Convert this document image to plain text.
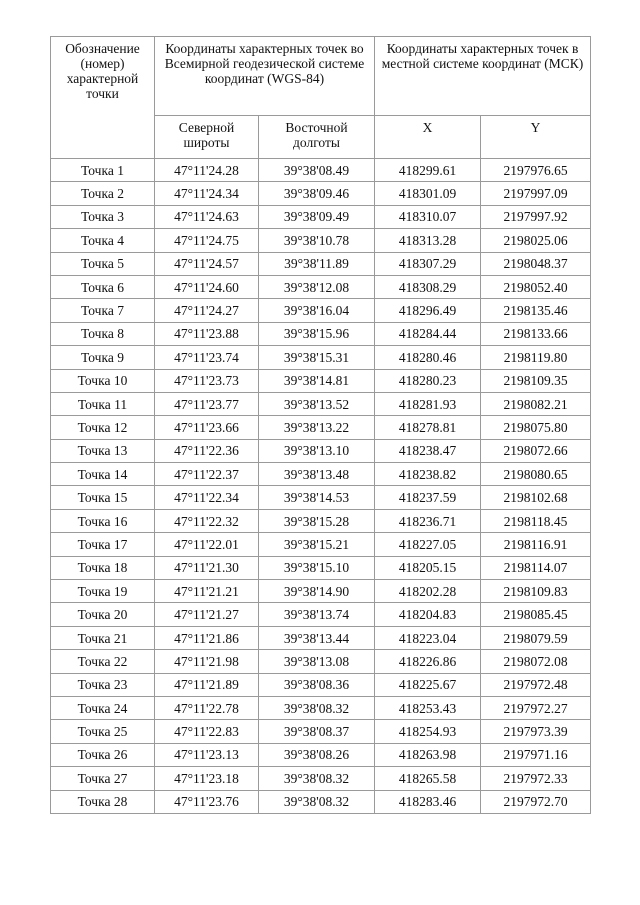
Обозначение (номер) характерной точки	Координаты характерных точек во Всемирной геодезической системе координат (WGS-84)		Координаты характерных точек в местной системе координат (МСК)	
	Северной широты	Восточной долготы	X	Y
Точка 1	47°11'24.28	39°38'08.49	418299.61	2197976.65
Точка 2	47°11'24.34	39°38'09.46	418301.09	2197997.09
Точка 3	47°11'24.63	39°38'09.49	418310.07	2197997.92
Точка 4	47°11'24.75	39°38'10.78	418313.28	2198025.06
Точка 5	47°11'24.57	39°38'11.89	418307.29	2198048.37
Точка 6	47°11'24.60	39°38'12.08	418308.29	2198052.40
Точка 7	47°11'24.27	39°38'16.04	418296.49	2198135.46
Точка 8	47°11'23.88	39°38'15.96	418284.44	2198133.66
Точка 9	47°11'23.74	39°38'15.31	418280.46	2198119.80
Точка 10	47°11'23.73	39°38'14.81	418280.23	2198109.35
Точка 11	47°11'23.77	39°38'13.52	418281.93	2198082.21
Точка 12	47°11'23.66	39°38'13.22	418278.81	2198075.80
Точка 13	47°11'22.36	39°38'13.10	418238.47	2198072.66
Точка 14	47°11'22.37	39°38'13.48	418238.82	2198080.65
Точка 15	47°11'22.34	39°38'14.53	418237.59	2198102.68
Точка 16	47°11'22.32	39°38'15.28	418236.71	2198118.45
Точка 17	47°11'22.01	39°38'15.21	418227.05	2198116.91
Точка 18	47°11'21.30	39°38'15.10	418205.15	2198114.07
Точка 19	47°11'21.21	39°38'14.90	418202.28	2198109.83
Точка 20	47°11'21.27	39°38'13.74	418204.83	2198085.45
Точка 21	47°11'21.86	39°38'13.44	418223.04	2198079.59
Точка 22	47°11'21.98	39°38'13.08	418226.86	2198072.08
Точка 23	47°11'21.89	39°38'08.36	418225.67	2197972.48
Точка 24	47°11'22.78	39°38'08.32	418253.43	2197972.27
Точка 25	47°11'22.83	39°38'08.37	418254.93	2197973.39
Точка 26	47°11'23.13	39°38'08.26	418263.98	2197971.16
Точка 27	47°11'23.18	39°38'08.32	418265.58	2197972.33
Точка 28	47°11'23.76	39°38'08.32	418283.46	2197972.70
